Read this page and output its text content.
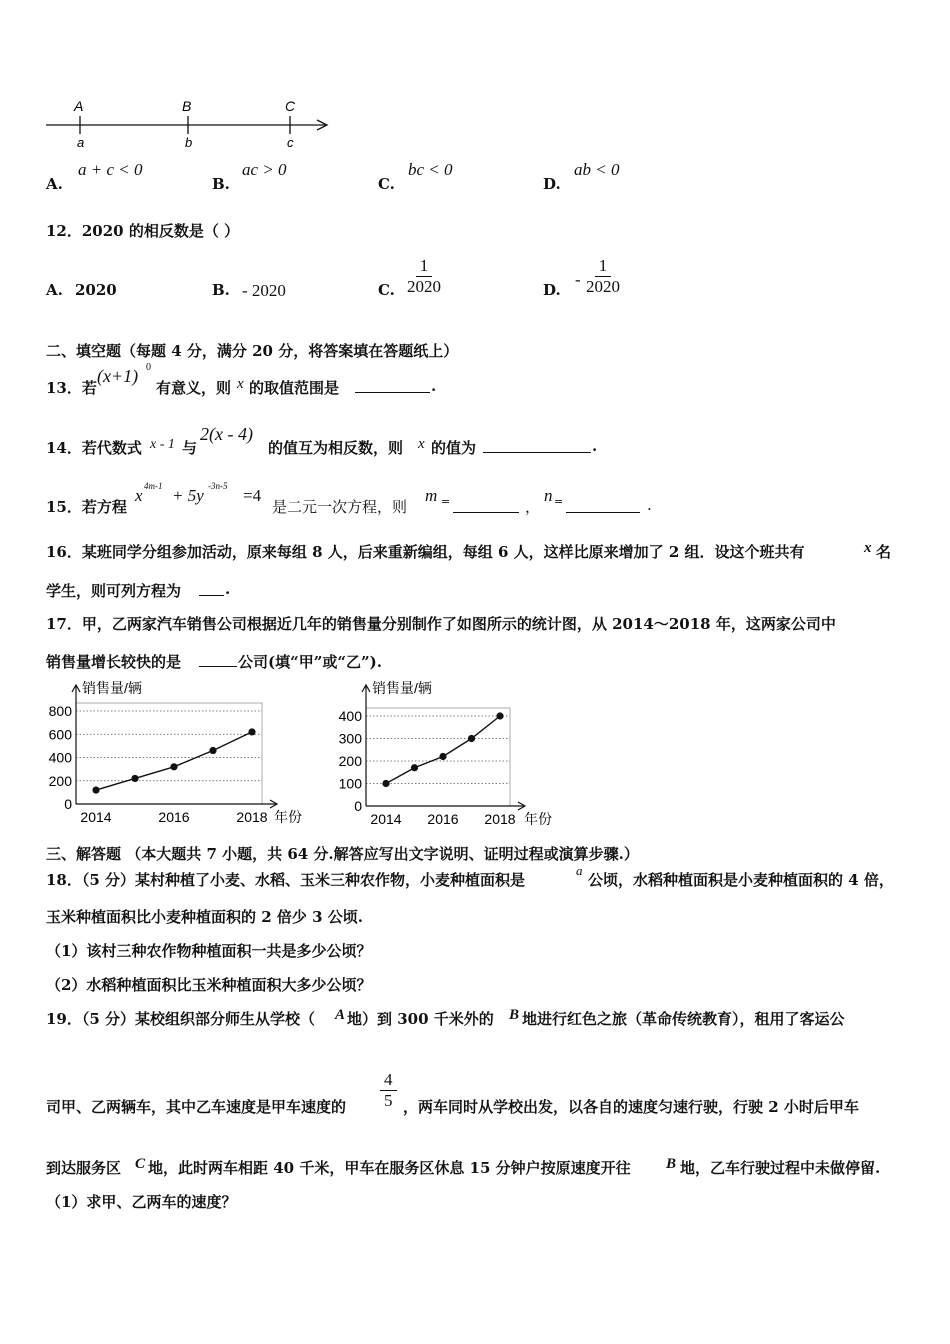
A	B	C
a	b	c
A.
a + c < 0
B.
ac > 0
C.
bc < 0
D.
ab < 0
12．2020 的相反数是（ ）
A. 2020	B. - 2020	C. $\frac{1}{2020}$	D.
- $\frac{1}{2020}$
二、填空题（每题 4 分，满分 20 分，将答案填在答题纸上）
13．若
(x+1) 0
有意义，则 x 的取值范围是	.
14．若代数式 x - 1 与
2(x - 4)
的值互为相反数，则 x 的值为	.
15．若方程
x 4m-1 + 5y -3n-5 =4
是二元一次方程，则
m =	，
n =	.
16．某班同学分组参加活动，原来每组 8 人，后来重新编组，每组 6 人，这样比原来增加了 2 组．设这个班共有	x 名
学生，则可列方程为	.
17．甲，乙两家汽车销售公司根据近几年的销售量分别制作了如图所示的统计图，从 2014～2018 年，这两家公司中
销售量增长较快的是	公司(填“甲”或“乙”).
800
600
400
200
0
销售量/辆
年份
2014	2016	2018
400
300
200
100
0
销售量/辆
年份
2014 2016 2018
三、解答题 （本大题共 7 小题，共 64 分.解答应写出文字说明、证明过程或演算步骤.）
18．（5 分）某村种植了小麦、水稻、玉米三种农作物，小麦种植面积是
a
公顷，水稻种植面积是小麦种植面积的 4 倍，
玉米种植面积比小麦种植面积的 2 倍少 3 公顷.
（1）该村三种农作物种植面积一共是多少公顷？
（2）水稻种植面积比玉米种植面积大多少公顷？
19．（5 分）某校组织部分师生从学校（ A 地）到 300 千米外的 B 地进行红色之旅（革命传统教育），租用了客运公
司甲、乙两辆车，其中乙车速度是甲车速度的 $\frac{4}{5}$ ，两车同时从学校出发，以各自的速度匀速行驶，行驶 2 小时后甲车
到达服务区 C 地，此时两车相距 40 千米，甲车在服务区休息 15 分钟户按原速度开往 B 地，乙车行驶过程中未做停留.
（1）求甲、乙两车的速度？
